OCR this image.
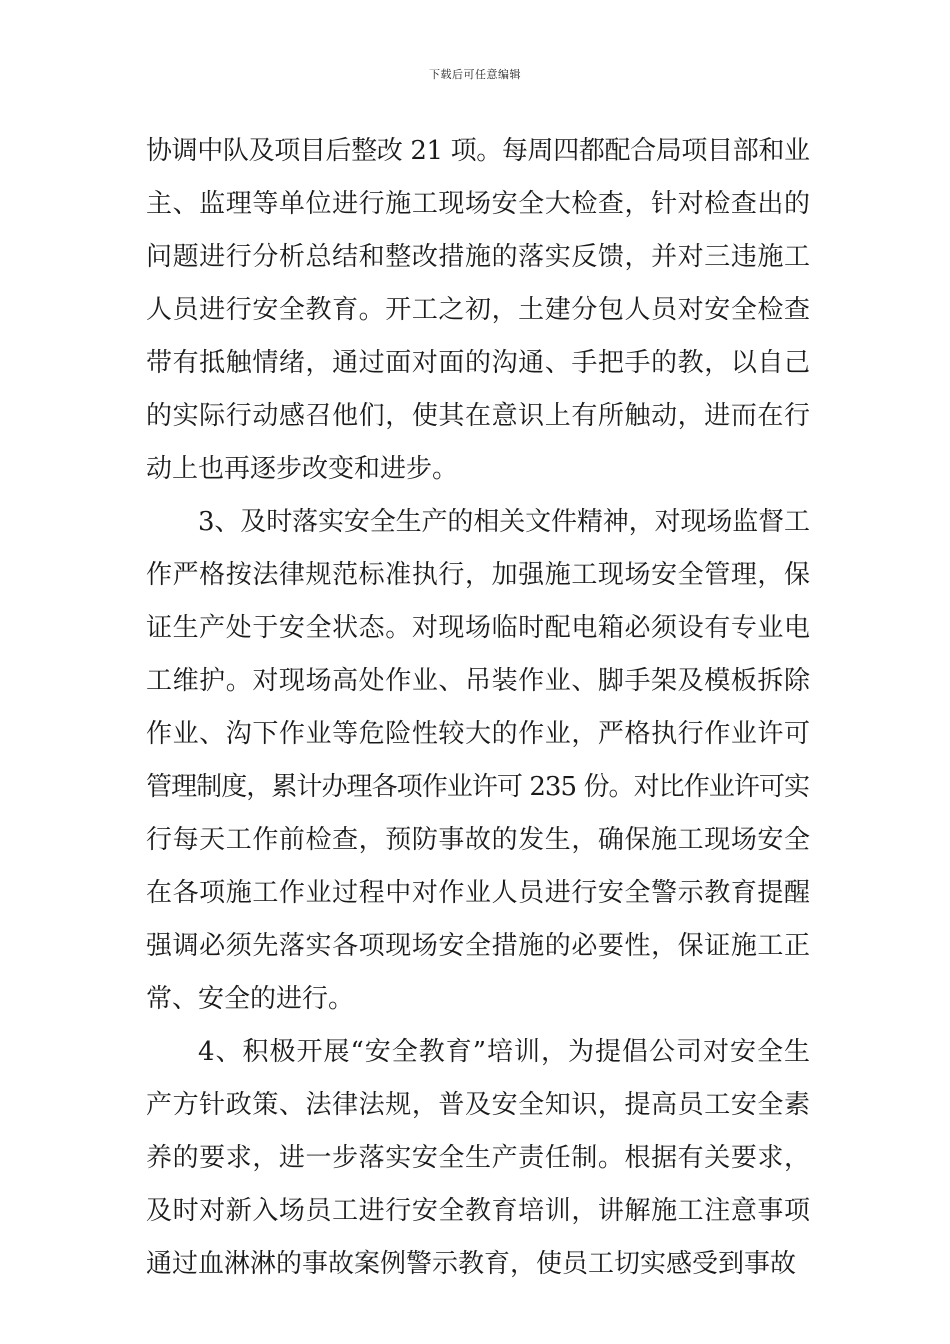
下载后可任意编辑
协调中队及项目后整改 21 项。每周四都配合局项目部和业
主、监理等单位进行施工现场安全大检查，针对检查出的
问题进行分析总结和整改措施的落实反馈，并对三违施工
人员进行安全教育。开工之初，土建分包人员对安全检查
带有抵触情绪，通过面对面的沟通、手把手的教，以自己
的实际行动感召他们，使其在意识上有所触动，进而在行
动上也再逐步改变和进步。
3、及时落实安全生产的相关文件精神，对现场监督工
作严格按法律规范标准执行，加强施工现场安全管理，保
证生产处于安全状态。对现场临时配电箱必须设有专业电
工维护。对现场高处作业、吊装作业、脚手架及模板拆除
作业、沟下作业等危险性较大的作业，严格执行作业许可
管理制度，累计办理各项作业许可 235 份。对比作业许可实
行每天工作前检查，预防事故的发生，确保施工现场安全
在各项施工作业过程中对作业人员进行安全警示教育提醒
强调必须先落实各项现场安全措施的必要性，保证施工正
常、安全的进行。
4、积极开展“安全教育”培训，为提倡公司对安全生
产方针政策、法律法规，普及安全知识，提高员工安全素
养的要求，进一步落实安全生产责任制。根据有关要求，
及时对新入场员工进行安全教育培训，讲解施工注意事项
通过血淋淋的事故案例警示教育，使员工切实感受到事故
